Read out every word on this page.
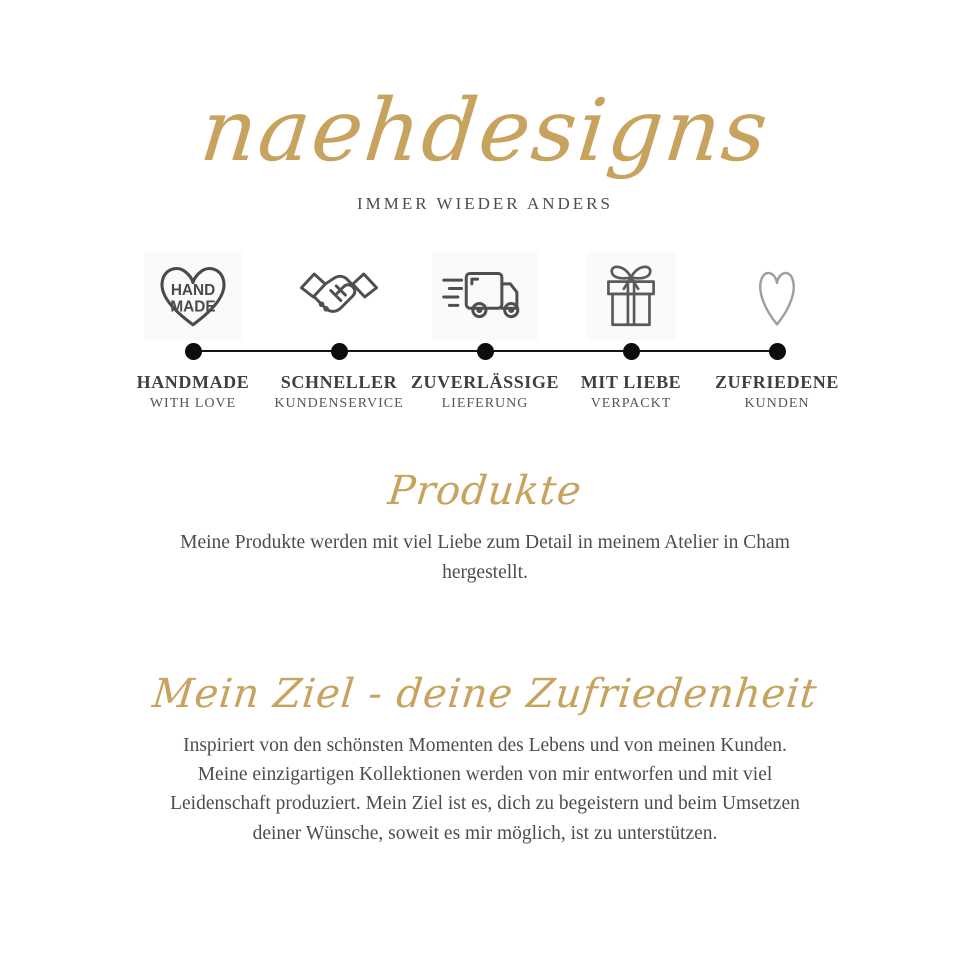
naehdesigns
IMMER WIEDER ANDERS
HAND
MADE
HANDMADE
WITH LOVE
SCHNELLER
KUNDENSERVICE
ZUVERLÄSSIGE
LIEFERUNG
MIT LIEBE
VERPACKT
ZUFRIEDENE
KUNDEN
Produkte

Meine Produkte werden mit viel Liebe zum Detail in meinem Atelier in Cham hergestellt.

Mein Ziel - deine Zufriedenheit

Inspiriert von den schönsten Momenten des Lebens und von meinen Kunden. Meine einzigartigen Kollektionen werden von mir entworfen und mit viel Leidenschaft produziert. Mein Ziel ist es, dich zu begeistern und beim Umsetzen deiner Wünsche, soweit es mir möglich, ist zu unterstützen.
